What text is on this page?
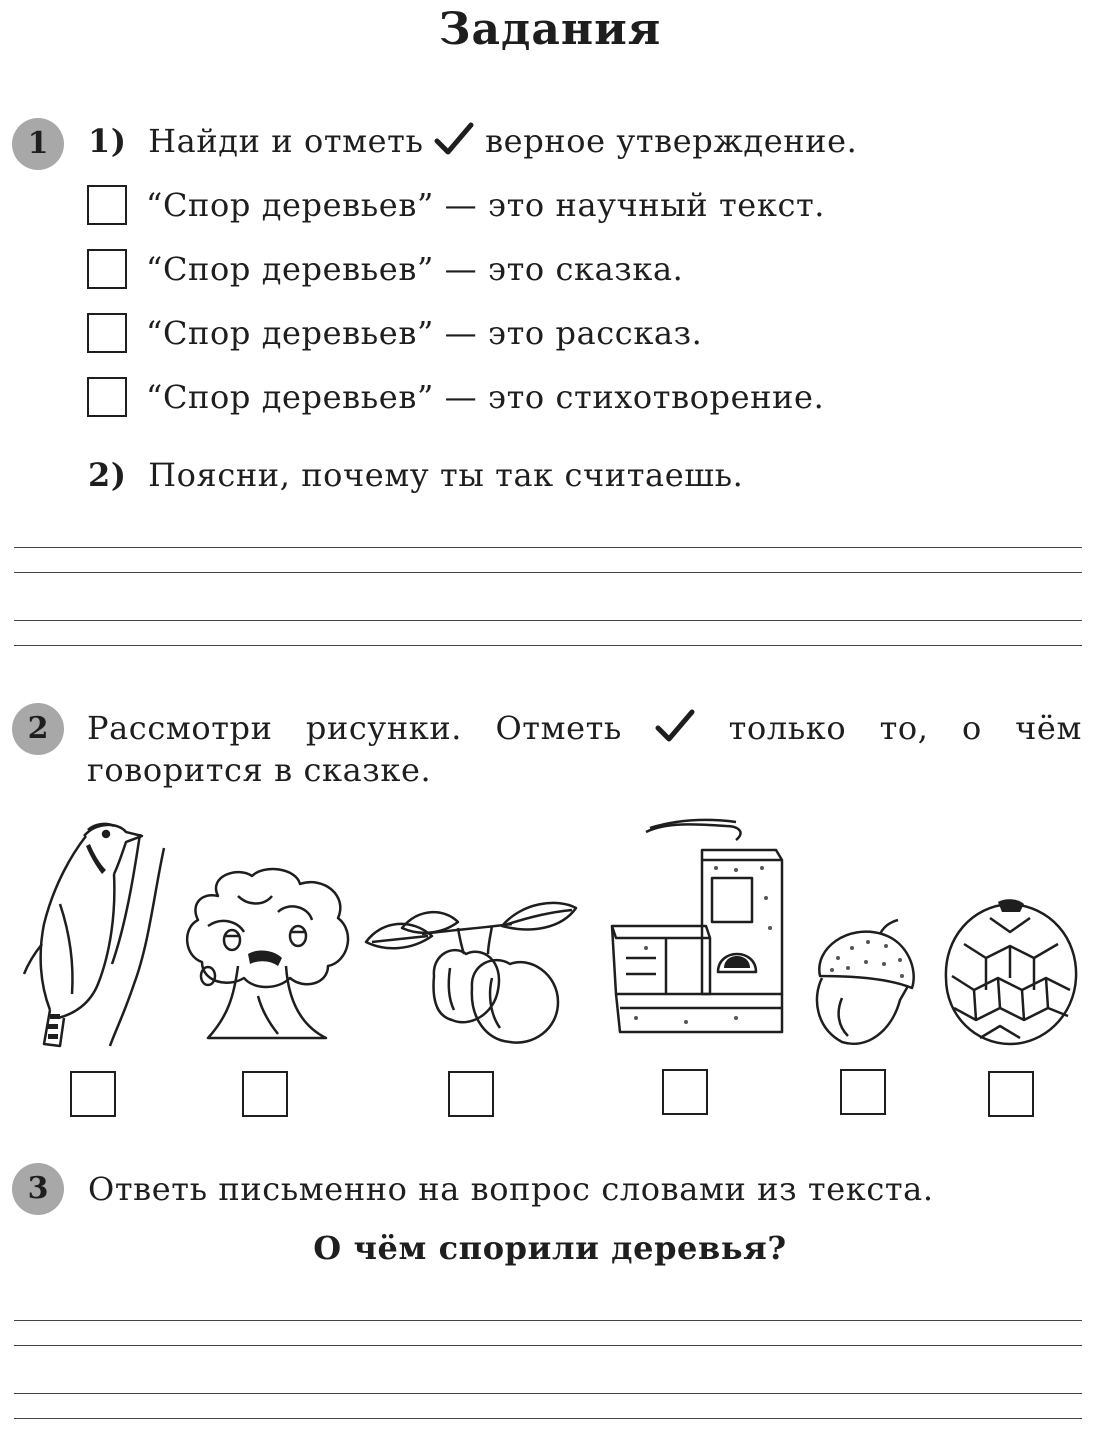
Задания
1	1) Найди и отметь верное утверждение.
“Спор деревьев” — это научный текст.
“Спор деревьев” — это сказка.
“Спор деревьев” — это рассказ.
“Спор деревьев” — это стихотворение.
2) Поясни, почему ты так считаешь.
2	Рассмотри рисунки. Отметь	только то, о чём
говорится в сказке.
3	Ответь письменно на вопрос словами из текста.
О чём спорили деревья?
